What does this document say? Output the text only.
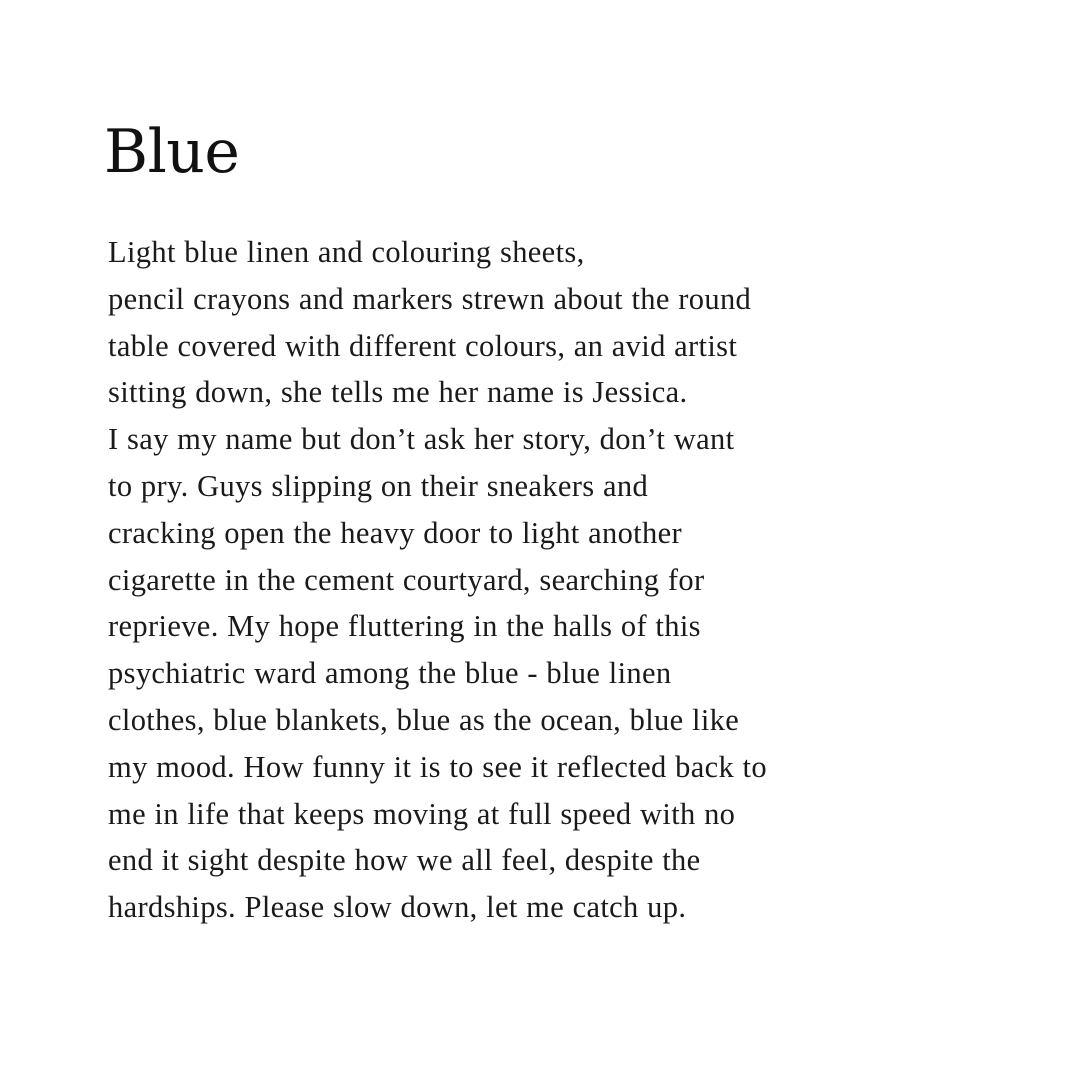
Blue
Light blue linen and colouring sheets,
pencil crayons and markers strewn about the round
table covered with different colours, an avid artist
sitting down, she tells me her name is Jessica.
I say my name but don’t ask her story, don’t want
to pry. Guys slipping on their sneakers and
cracking open the heavy door to light another
cigarette in the cement courtyard, searching for
reprieve. My hope fluttering in the halls of this
psychiatric ward among the blue - blue linen
clothes, blue blankets, blue as the ocean, blue like
my mood. How funny it is to see it reflected back to
me in life that keeps moving at full speed with no
end it sight despite how we all feel, despite the
hardships. Please slow down, let me catch up.
